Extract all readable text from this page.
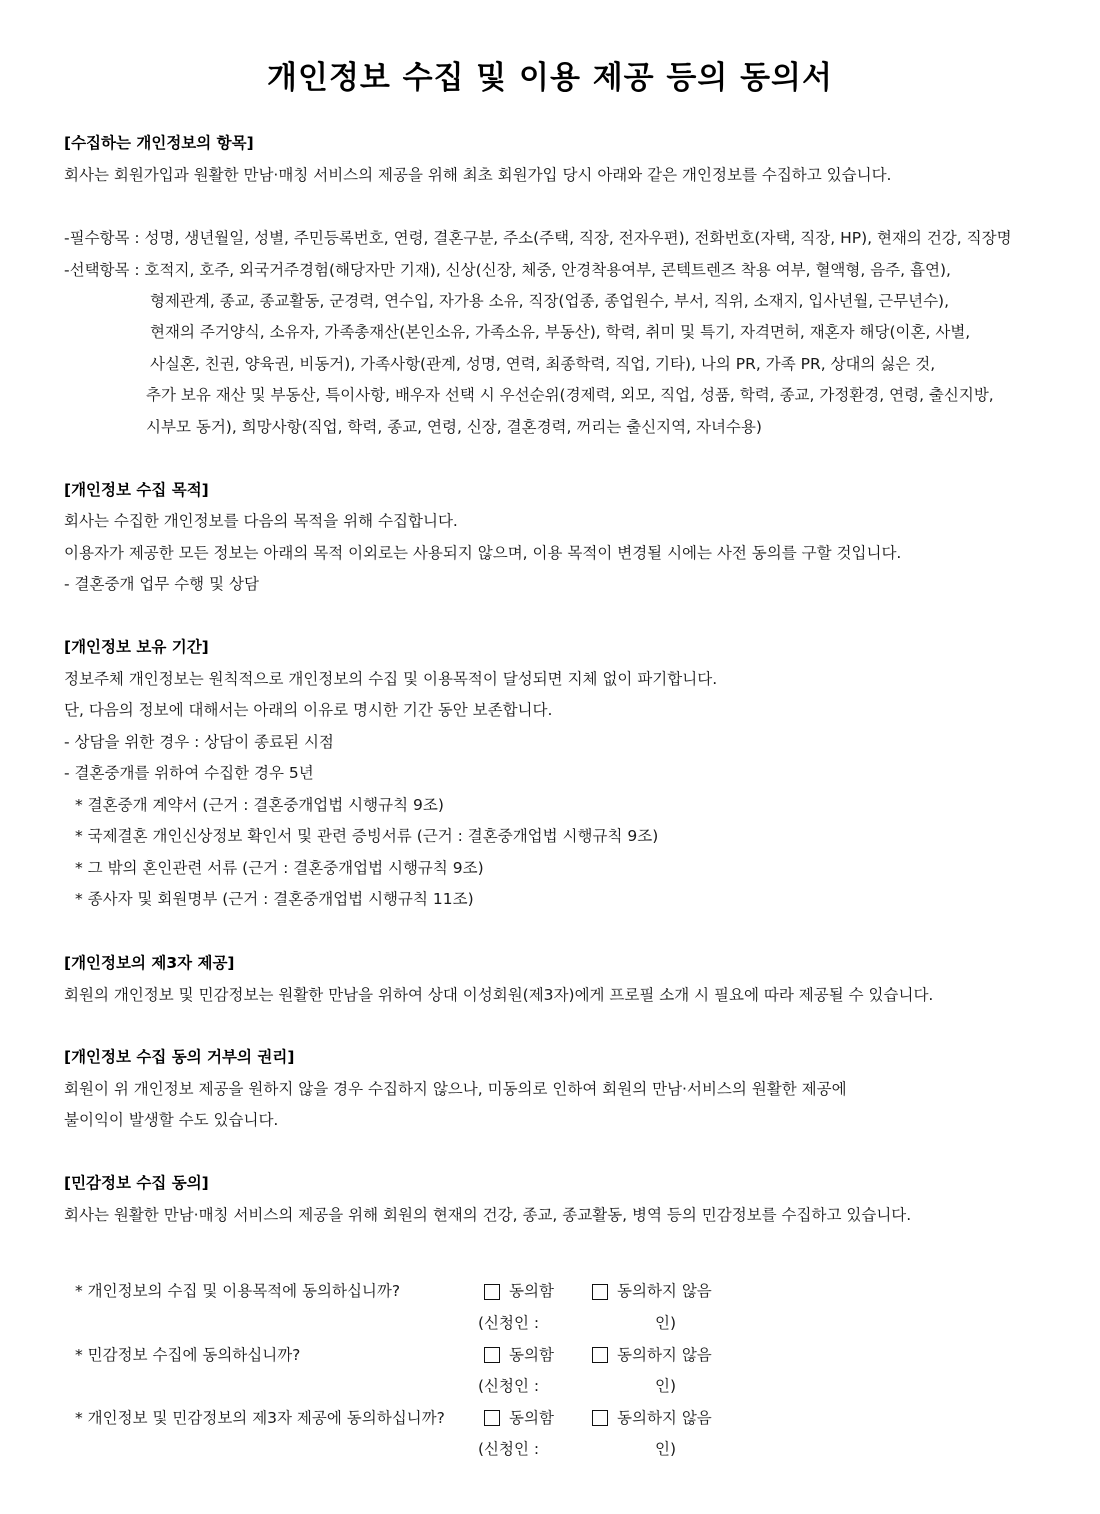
개인정보 수집 및 이용 제공 등의 동의서
[수집하는 개인정보의 항목]
회사는 회원가입과 원활한 만남·매칭 서비스의 제공을 위해 최초 회원가입 당시 아래와 같은 개인정보를 수집하고 있습니다.
-필수항목 : 성명, 생년월일, 성별, 주민등록번호, 연령, 결혼구분, 주소(주택, 직장, 전자우편), 전화번호(자택, 직장, HP), 현재의 건강, 직장명
-선택항목 : 호적지, 호주, 외국거주경험(해당자만 기재), 신상(신장, 체중, 안경착용여부, 콘텍트렌즈 착용 여부, 혈액형, 음주, 흡연),
형제관계, 종교, 종교활동, 군경력, 연수입, 자가용 소유, 직장(업종, 종업원수, 부서, 직위, 소재지, 입사년월, 근무년수),
현재의 주거양식, 소유자, 가족총재산(본인소유, 가족소유, 부동산), 학력, 취미 및 특기, 자격면허, 재혼자 해당(이혼, 사별,
사실혼, 친권, 양육권, 비동거), 가족사항(관계, 성명, 연력, 최종학력, 직업, 기타), 나의 PR, 가족 PR, 상대의 싫은 것,
추가 보유 재산 및 부동산, 특이사항, 배우자 선택 시 우선순위(경제력, 외모, 직업, 성품, 학력, 종교, 가정환경, 연령, 출신지방,
시부모 동거), 희망사항(직업, 학력, 종교, 연령, 신장, 결혼경력, 꺼리는 출신지역, 자녀수용)
[개인정보 수집 목적]
회사는 수집한 개인정보를 다음의 목적을 위해 수집합니다.
이용자가 제공한 모든 정보는 아래의 목적 이외로는 사용되지 않으며, 이용 목적이 변경될 시에는 사전 동의를 구할 것입니다.
- 결혼중개 업무 수행 및 상담
[개인정보 보유 기간]
정보주체 개인정보는 원칙적으로 개인정보의 수집 및 이용목적이 달성되면 지체 없이 파기합니다.
단, 다음의 정보에 대해서는 아래의 이유로 명시한 기간 동안 보존합니다.
- 상담을 위한 경우 : 상담이 종료된 시점
- 결혼중개를 위하여 수집한 경우 5년
* 결혼중개 계약서 (근거 : 결혼중개업법 시행규칙 9조)
* 국제결혼 개인신상정보 확인서 및 관련 증빙서류 (근거 : 결혼중개업법 시행규칙 9조)
* 그 밖의 혼인관련 서류 (근거 : 결혼중개업법 시행규칙 9조)
* 종사자 및 회원명부 (근거 : 결혼중개업법 시행규칙 11조)
[개인정보의 제3자 제공]
회원의 개인정보 및 민감정보는 원활한 만남을 위하여 상대 이성회원(제3자)에게 프로필 소개 시 필요에 따라 제공될 수 있습니다.
[개인정보 수집 동의 거부의 권리]
회원이 위 개인정보 제공을 원하지 않을 경우 수집하지 않으나, 미동의로 인하여 회원의 만남·서비스의 원활한 제공에
불이익이 발생할 수도 있습니다.
[민감정보 수집 동의]
회사는 원활한 만남·매칭 서비스의 제공을 위해 회원의 현재의 건강, 종교, 종교활동, 병역 등의 민감정보를 수집하고 있습니다.
* 개인정보의 수집 및 이용목적에 동의하십니까?	동의함	동의하지 않음
(신청인 :	인)
* 민감정보 수집에 동의하십니까?	동의함	동의하지 않음
(신청인 :	인)
* 개인정보 및 민감정보의 제3자 제공에 동의하십니까?	동의함	동의하지 않음
(신청인 :	인)
